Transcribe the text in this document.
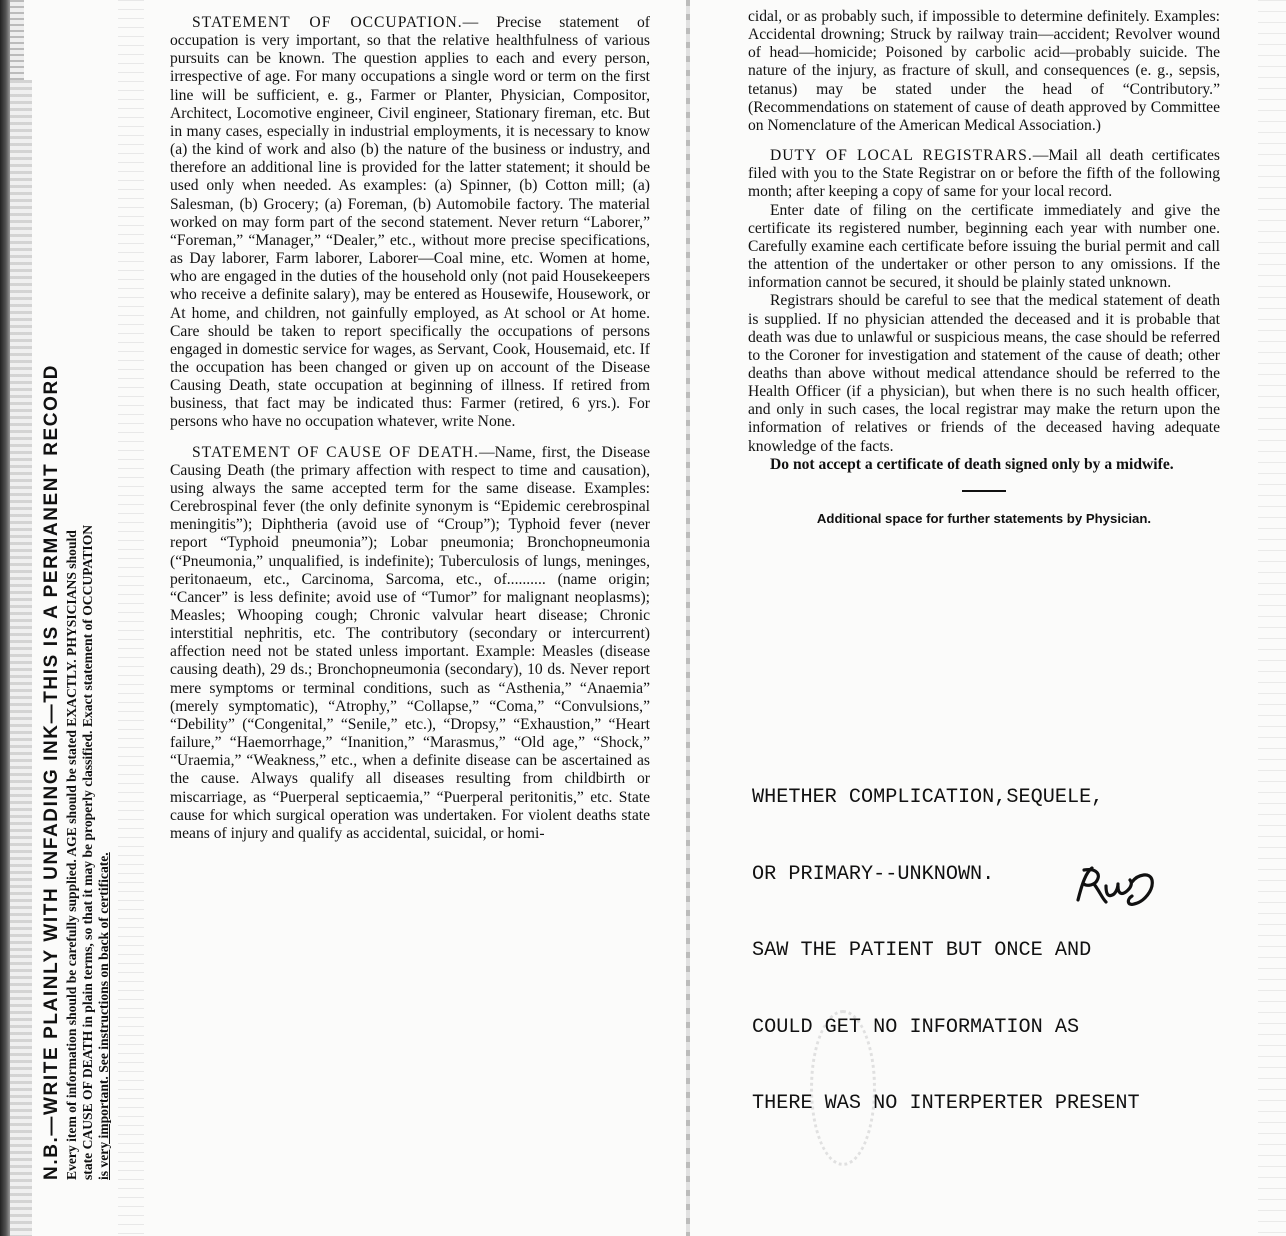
N.B.—WRITE PLAINLY WITH UNFADING INK—THIS IS A PERMANENT RECORD Every item of information should be carefully supplied. AGE should be stated EXACTLY. PHYSICIANS should state CAUSE OF DEATH in plain terms, so that it may be properly classified. Exact statement of OCCUPATION is very important. See instructions on back of certificate.

STATEMENT OF OCCUPATION.— Precise statement of occupation is very important, so that the relative healthfulness of various pursuits can be known. The question applies to each and every person, irrespective of age. For many occupations a single word or term on the first line will be sufficient, e. g., Farmer or Planter, Physician, Compositor, Architect, Locomotive engineer, Civil engineer, Stationary fireman, etc. But in many cases, especially in industrial employments, it is necessary to know (a) the kind of work and also (b) the nature of the business or industry, and therefore an additional line is provided for the latter statement; it should be used only when needed. As examples: (a) Spinner, (b) Cotton mill; (a) Salesman, (b) Grocery; (a) Foreman, (b) Automobile factory. The material worked on may form part of the second statement. Never return “Laborer,” “Foreman,” “Manager,” “Dealer,” etc., without more precise specifications, as Day laborer, Farm laborer, Laborer—Coal mine, etc. Women at home, who are engaged in the duties of the household only (not paid Housekeepers who receive a definite salary), may be entered as Housewife, Housework, or At home, and children, not gainfully employed, as At school or At home. Care should be taken to report specifically the occupations of persons engaged in domestic service for wages, as Servant, Cook, Housemaid, etc. If the occupation has been changed or given up on account of the Disease Causing Death, state occupation at beginning of illness. If retired from business, that fact may be indicated thus: Farmer (retired, 6 yrs.). For persons who have no occupation whatever, write None.

STATEMENT OF CAUSE OF DEATH.—Name, first, the Disease Causing Death (the primary affection with respect to time and causation), using always the same accepted term for the same disease. Examples: Cerebrospinal fever (the only definite synonym is “Epidemic cerebrospinal meningitis”); Diphtheria (avoid use of “Croup”); Typhoid fever (never report “Typhoid pneumonia”); Lobar pneumonia; Bronchopneumonia (“Pneumonia,” unqualified, is indefinite); Tuberculosis of lungs, meninges, peritonaeum, etc., Carcinoma, Sarcoma, etc., of.......... (name origin; “Cancer” is less definite; avoid use of “Tumor” for malignant neoplasms); Measles; Whooping cough; Chronic valvular heart disease; Chronic interstitial nephritis, etc. The contributory (secondary or intercurrent) affection need not be stated unless important. Example: Measles (disease causing death), 29 ds.; Bronchopneumonia (secondary), 10 ds. Never report mere symptoms or terminal conditions, such as “Asthenia,” “Anaemia” (merely symptomatic), “Atrophy,” “Collapse,” “Coma,” “Convulsions,” “Debility” (“Congenital,” “Senile,” etc.), “Dropsy,” “Exhaustion,” “Heart failure,” “Haemorrhage,” “Inanition,” “Marasmus,” “Old age,” “Shock,” “Uraemia,” “Weakness,” etc., when a definite disease can be ascertained as the cause. Always qualify all diseases resulting from childbirth or miscarriage, as “Puerperal septicaemia,” “Puerperal peritonitis,” etc. State cause for which surgical operation was undertaken. For violent deaths state means of injury and qualify as accidental, suicidal, or homi-

cidal, or as probably such, if impossible to determine definitely. Examples: Accidental drowning; Struck by railway train—accident; Revolver wound of head—homicide; Poisoned by carbolic acid—probably suicide. The nature of the injury, as fracture of skull, and consequences (e. g., sepsis, tetanus) may be stated under the head of “Contributory.” (Recommendations on statement of cause of death approved by Committee on Nomenclature of the American Medical Association.)

DUTY OF LOCAL REGISTRARS.—Mail all death certificates filed with you to the State Registrar on or before the fifth of the following month; after keeping a copy of same for your local record.

Enter date of filing on the certificate immediately and give the certificate its registered number, beginning each year with number one. Carefully examine each certificate before issuing the burial permit and call the attention of the undertaker or other person to any omissions. If the information cannot be secured, it should be plainly stated unknown.

Registrars should be careful to see that the medical statement of death is supplied. If no physician attended the deceased and it is probable that death was due to unlawful or suspicious means, the case should be referred to the Coroner for investigation and statement of the cause of death; other deaths than above without medical attendance should be referred to the Health Officer (if a physician), but when there is no such health officer, and only in such cases, the local registrar may make the return upon the information of relatives or friends of the deceased having adequate knowledge of the facts.

Do not accept a certificate of death signed only by a midwife.

Additional space for further statements by Physician.

WHETHER COMPLICATION,SEQUELE,

OR PRIMARY--UNKNOWN.

SAW THE PATIENT BUT ONCE AND

COULD GET NO INFORMATION AS

THERE WAS NO INTERPERTER PRESENT
